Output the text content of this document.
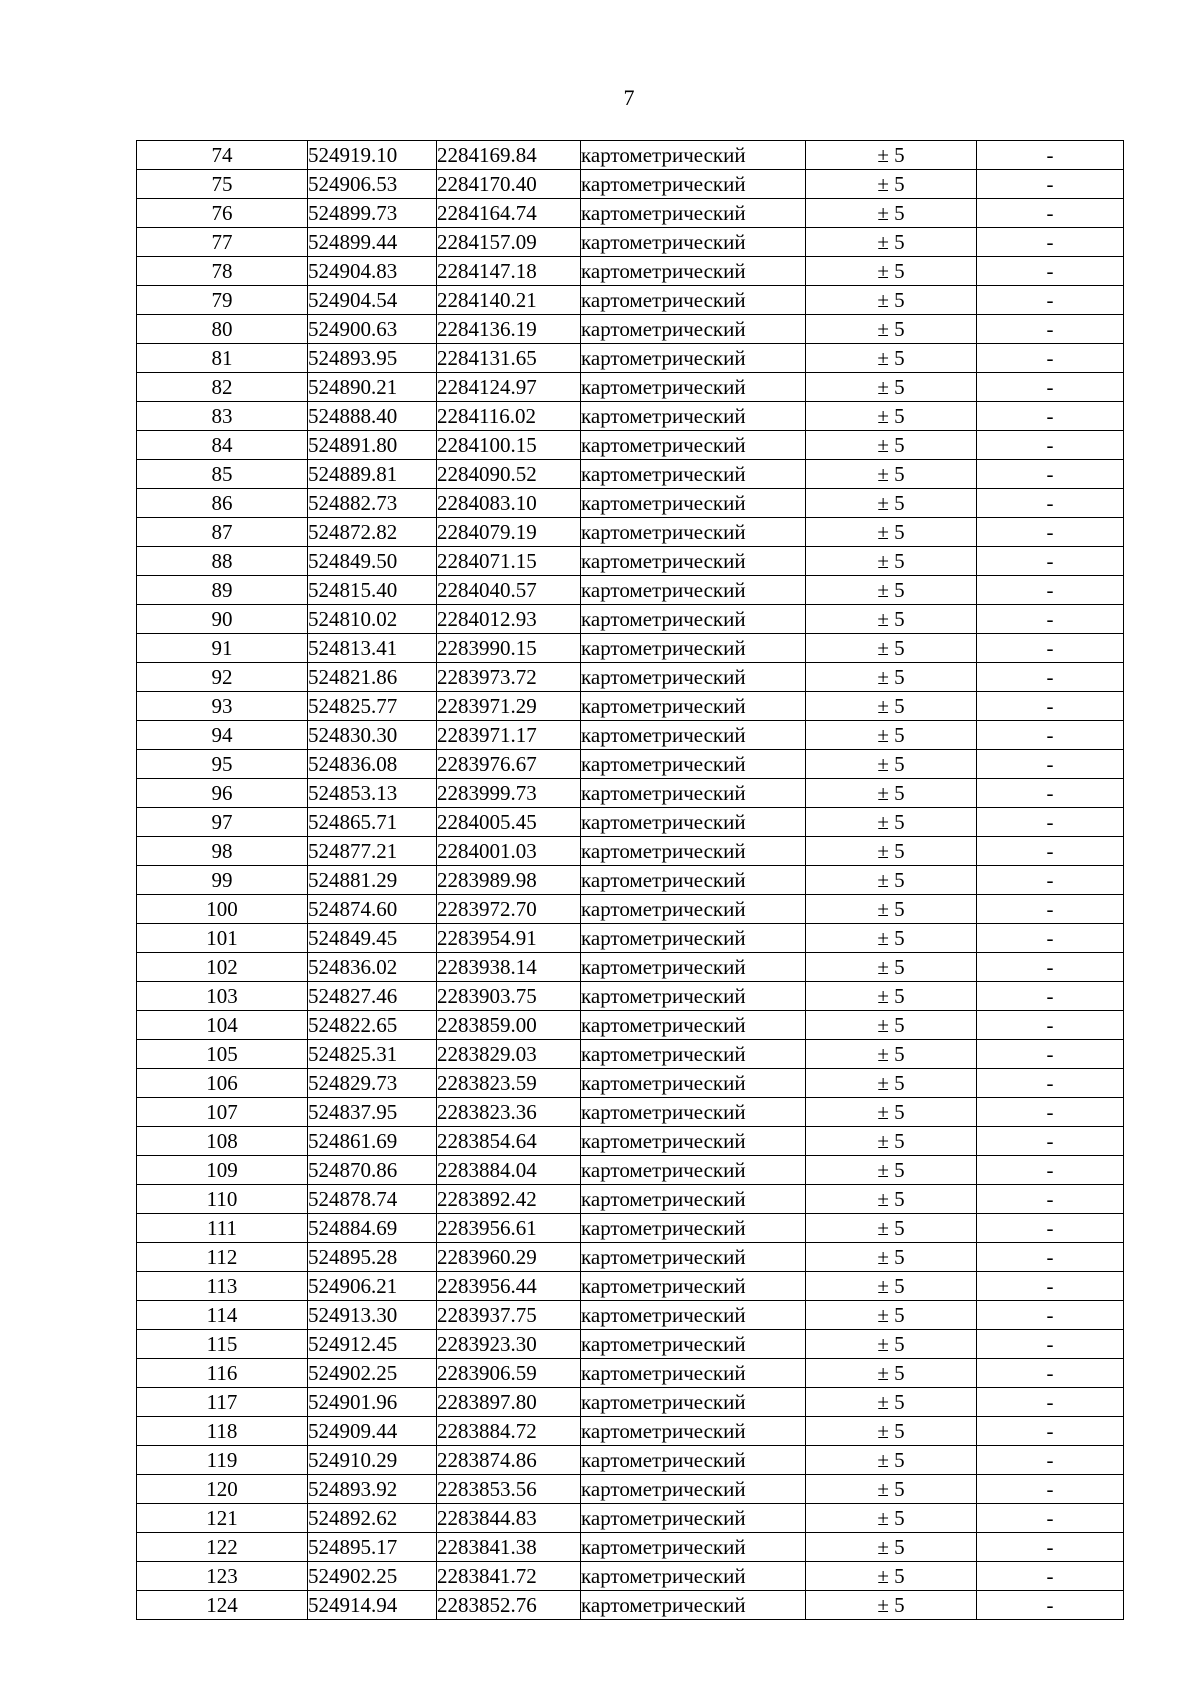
7
74	524919.10	2284169.84	картометрический	± 5	-
75	524906.53	2284170.40	картометрический	± 5	-
76	524899.73	2284164.74	картометрический	± 5	-
77	524899.44	2284157.09	картометрический	± 5	-
78	524904.83	2284147.18	картометрический	± 5	-
79	524904.54	2284140.21	картометрический	± 5	-
80	524900.63	2284136.19	картометрический	± 5	-
81	524893.95	2284131.65	картометрический	± 5	-
82	524890.21	2284124.97	картометрический	± 5	-
83	524888.40	2284116.02	картометрический	± 5	-
84	524891.80	2284100.15	картометрический	± 5	-
85	524889.81	2284090.52	картометрический	± 5	-
86	524882.73	2284083.10	картометрический	± 5	-
87	524872.82	2284079.19	картометрический	± 5	-
88	524849.50	2284071.15	картометрический	± 5	-
89	524815.40	2284040.57	картометрический	± 5	-
90	524810.02	2284012.93	картометрический	± 5	-
91	524813.41	2283990.15	картометрический	± 5	-
92	524821.86	2283973.72	картометрический	± 5	-
93	524825.77	2283971.29	картометрический	± 5	-
94	524830.30	2283971.17	картометрический	± 5	-
95	524836.08	2283976.67	картометрический	± 5	-
96	524853.13	2283999.73	картометрический	± 5	-
97	524865.71	2284005.45	картометрический	± 5	-
98	524877.21	2284001.03	картометрический	± 5	-
99	524881.29	2283989.98	картометрический	± 5	-
100	524874.60	2283972.70	картометрический	± 5	-
101	524849.45	2283954.91	картометрический	± 5	-
102	524836.02	2283938.14	картометрический	± 5	-
103	524827.46	2283903.75	картометрический	± 5	-
104	524822.65	2283859.00	картометрический	± 5	-
105	524825.31	2283829.03	картометрический	± 5	-
106	524829.73	2283823.59	картометрический	± 5	-
107	524837.95	2283823.36	картометрический	± 5	-
108	524861.69	2283854.64	картометрический	± 5	-
109	524870.86	2283884.04	картометрический	± 5	-
110	524878.74	2283892.42	картометрический	± 5	-
111	524884.69	2283956.61	картометрический	± 5	-
112	524895.28	2283960.29	картометрический	± 5	-
113	524906.21	2283956.44	картометрический	± 5	-
114	524913.30	2283937.75	картометрический	± 5	-
115	524912.45	2283923.30	картометрический	± 5	-
116	524902.25	2283906.59	картометрический	± 5	-
117	524901.96	2283897.80	картометрический	± 5	-
118	524909.44	2283884.72	картометрический	± 5	-
119	524910.29	2283874.86	картометрический	± 5	-
120	524893.92	2283853.56	картометрический	± 5	-
121	524892.62	2283844.83	картометрический	± 5	-
122	524895.17	2283841.38	картометрический	± 5	-
123	524902.25	2283841.72	картометрический	± 5	-
124	524914.94	2283852.76	картометрический	± 5	-
